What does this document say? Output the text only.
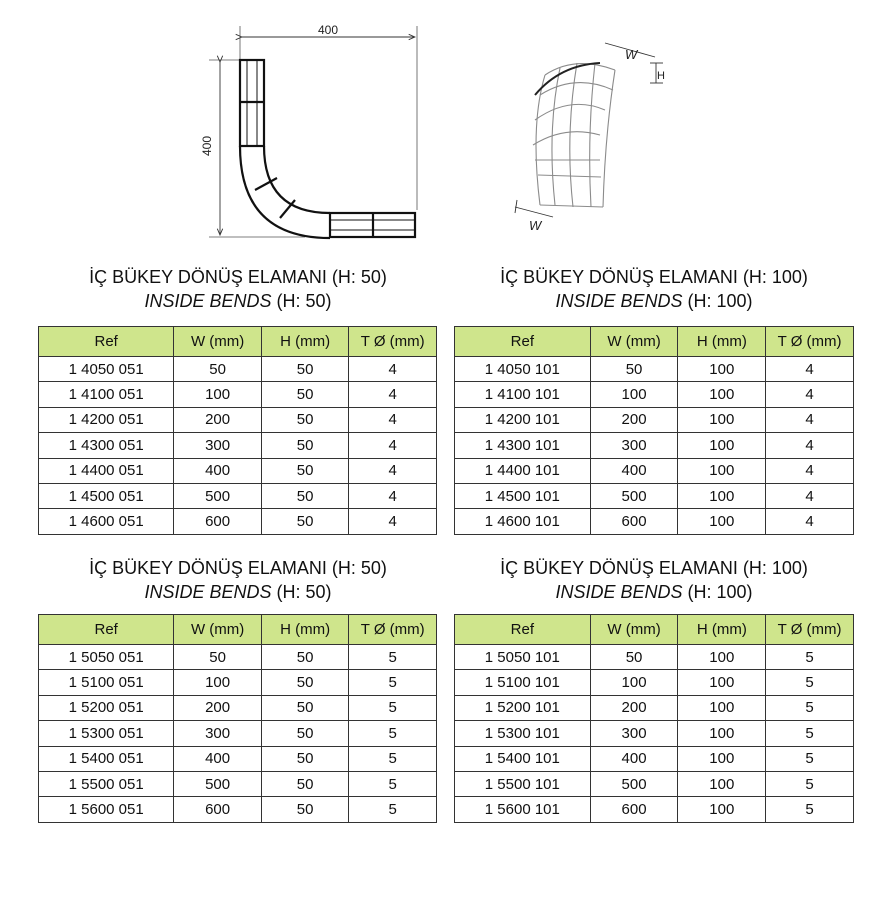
400
400
W
H
W
İÇ BÜKEY DÖNÜŞ ELAMANI (H: 50)
INSIDE BENDS (H: 50)
İÇ BÜKEY DÖNÜŞ ELAMANI (H: 100)
INSIDE BENDS (H: 100)
İÇ BÜKEY DÖNÜŞ ELAMANI (H: 50)
INSIDE BENDS (H: 50)
İÇ BÜKEY DÖNÜŞ ELAMANI (H: 100)
INSIDE BENDS (H: 100)
Ref	W (mm)	H (mm)	T Ø (mm)
1 4050 051	50	50	4
1 4100 051	100	50	4
1 4200 051	200	50	4
1 4300 051	300	50	4
1 4400 051	400	50	4
1 4500 051	500	50	4
1 4600 051	600	50	4
Ref	W (mm)	H (mm)	T Ø (mm)
1 4050 101	50	100	4
1 4100 101	100	100	4
1 4200 101	200	100	4
1 4300 101	300	100	4
1 4400 101	400	100	4
1 4500 101	500	100	4
1 4600 101	600	100	4
Ref	W (mm)	H (mm)	T Ø (mm)
1 5050 051	50	50	5
1 5100 051	100	50	5
1 5200 051	200	50	5
1 5300 051	300	50	5
1 5400 051	400	50	5
1 5500 051	500	50	5
1 5600 051	600	50	5
Ref	W (mm)	H (mm)	T Ø (mm)
1 5050 101	50	100	5
1 5100 101	100	100	5
1 5200 101	200	100	5
1 5300 101	300	100	5
1 5400 101	400	100	5
1 5500 101	500	100	5
1 5600 101	600	100	5
